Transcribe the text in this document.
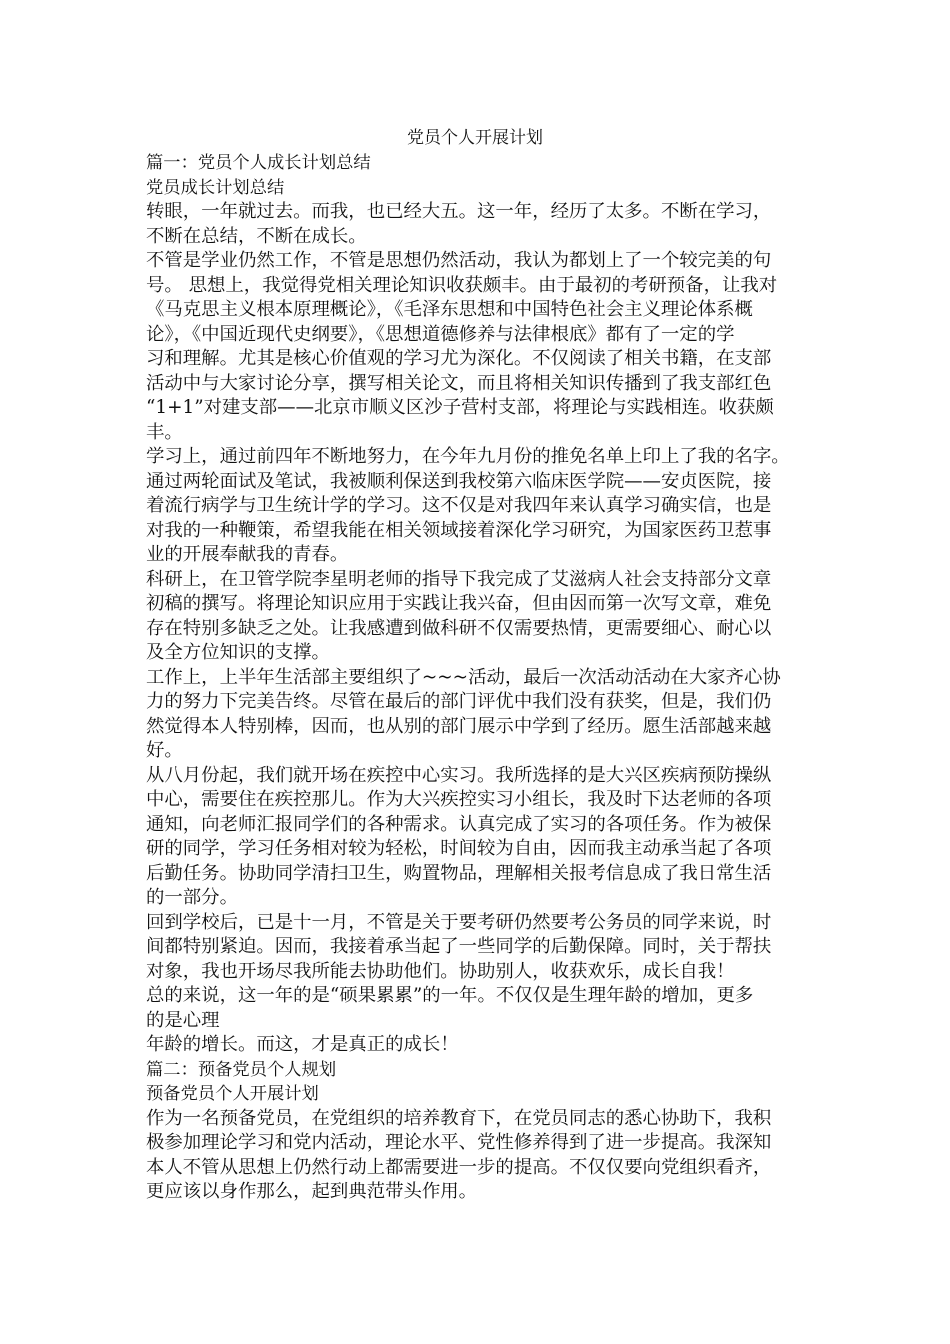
党员个人开展计划
篇一：党员个人成长计划总结
党员成长计划总结
转眼，一年就过去。而我，也已经大五。这一年，经历了太多。不断在学习，
不断在总结，不断在成长。
不管是学业仍然工作，不管是思想仍然活动，我认为都划上了一个较完美的句
号。 思想上，我觉得党相关理论知识收获颇丰。由于最初的考研预备，让我对
《马克思主义根本原理概论》，《毛泽东思想和中国特色社会主义理论体系概
论》，《中国近现代史纲要》，《思想道德修养与法律根底》都有了一定的学
习和理解。尤其是核心价值观的学习尤为深化。不仅阅读了相关书籍，在支部
活动中与大家讨论分享，撰写相关论文，而且将相关知识传播到了我支部红色
“1+1”对建支部——北京市顺义区沙子营村支部，将理论与实践相连。收获颇
丰。
学习上，通过前四年不断地努力，在今年九月份的推免名单上印上了我的名字。
通过两轮面试及笔试，我被顺利保送到我校第六临床医学院——安贞医院，接
着流行病学与卫生统计学的学习。这不仅是对我四年来认真学习确实信，也是
对我的一种鞭策，希望我能在相关领域接着深化学习研究，为国家医药卫惹事
业的开展奉献我的青春。
科研上，在卫管学院李星明老师的指导下我完成了艾滋病人社会支持部分文章
初稿的撰写。将理论知识应用于实践让我兴奋，但由因而第一次写文章，难免
存在特别多缺乏之处。让我感遭到做科研不仅需要热情，更需要细心、耐心以
及全方位知识的支撑。
工作上，上半年生活部主要组织了~~~活动，最后一次活动活动在大家齐心协
力的努力下完美告终。尽管在最后的部门评优中我们没有获奖，但是，我们仍
然觉得本人特别棒，因而，也从别的部门展示中学到了经历。愿生活部越来越
好。
从八月份起，我们就开场在疾控中心实习。我所选择的是大兴区疾病预防操纵
中心，需要住在疾控那儿。作为大兴疾控实习小组长，我及时下达老师的各项
通知，向老师汇报同学们的各种需求。认真完成了实习的各项任务。作为被保
研的同学，学习任务相对较为轻松，时间较为自由，因而我主动承当起了各项
后勤任务。协助同学清扫卫生，购置物品，理解相关报考信息成了我日常生活
的一部分。
回到学校后，已是十一月，不管是关于要考研仍然要考公务员的同学来说，时
间都特别紧迫。因而，我接着承当起了一些同学的后勤保障。同时，关于帮扶
对象，我也开场尽我所能去协助他们。协助别人，收获欢乐，成长自我！
总的来说，这一年的是“硕果累累”的一年。不仅仅是生理年龄的增加，更多
的是心理
年龄的增长。而这，才是真正的成长！
篇二：预备党员个人规划
预备党员个人开展计划
作为一名预备党员，在党组织的培养教育下，在党员同志的悉心协助下，我积
极参加理论学习和党内活动，理论水平、党性修养得到了进一步提高。我深知
本人不管从思想上仍然行动上都需要进一步的提高。不仅仅要向党组织看齐，
更应该以身作那么，起到典范带头作用。
